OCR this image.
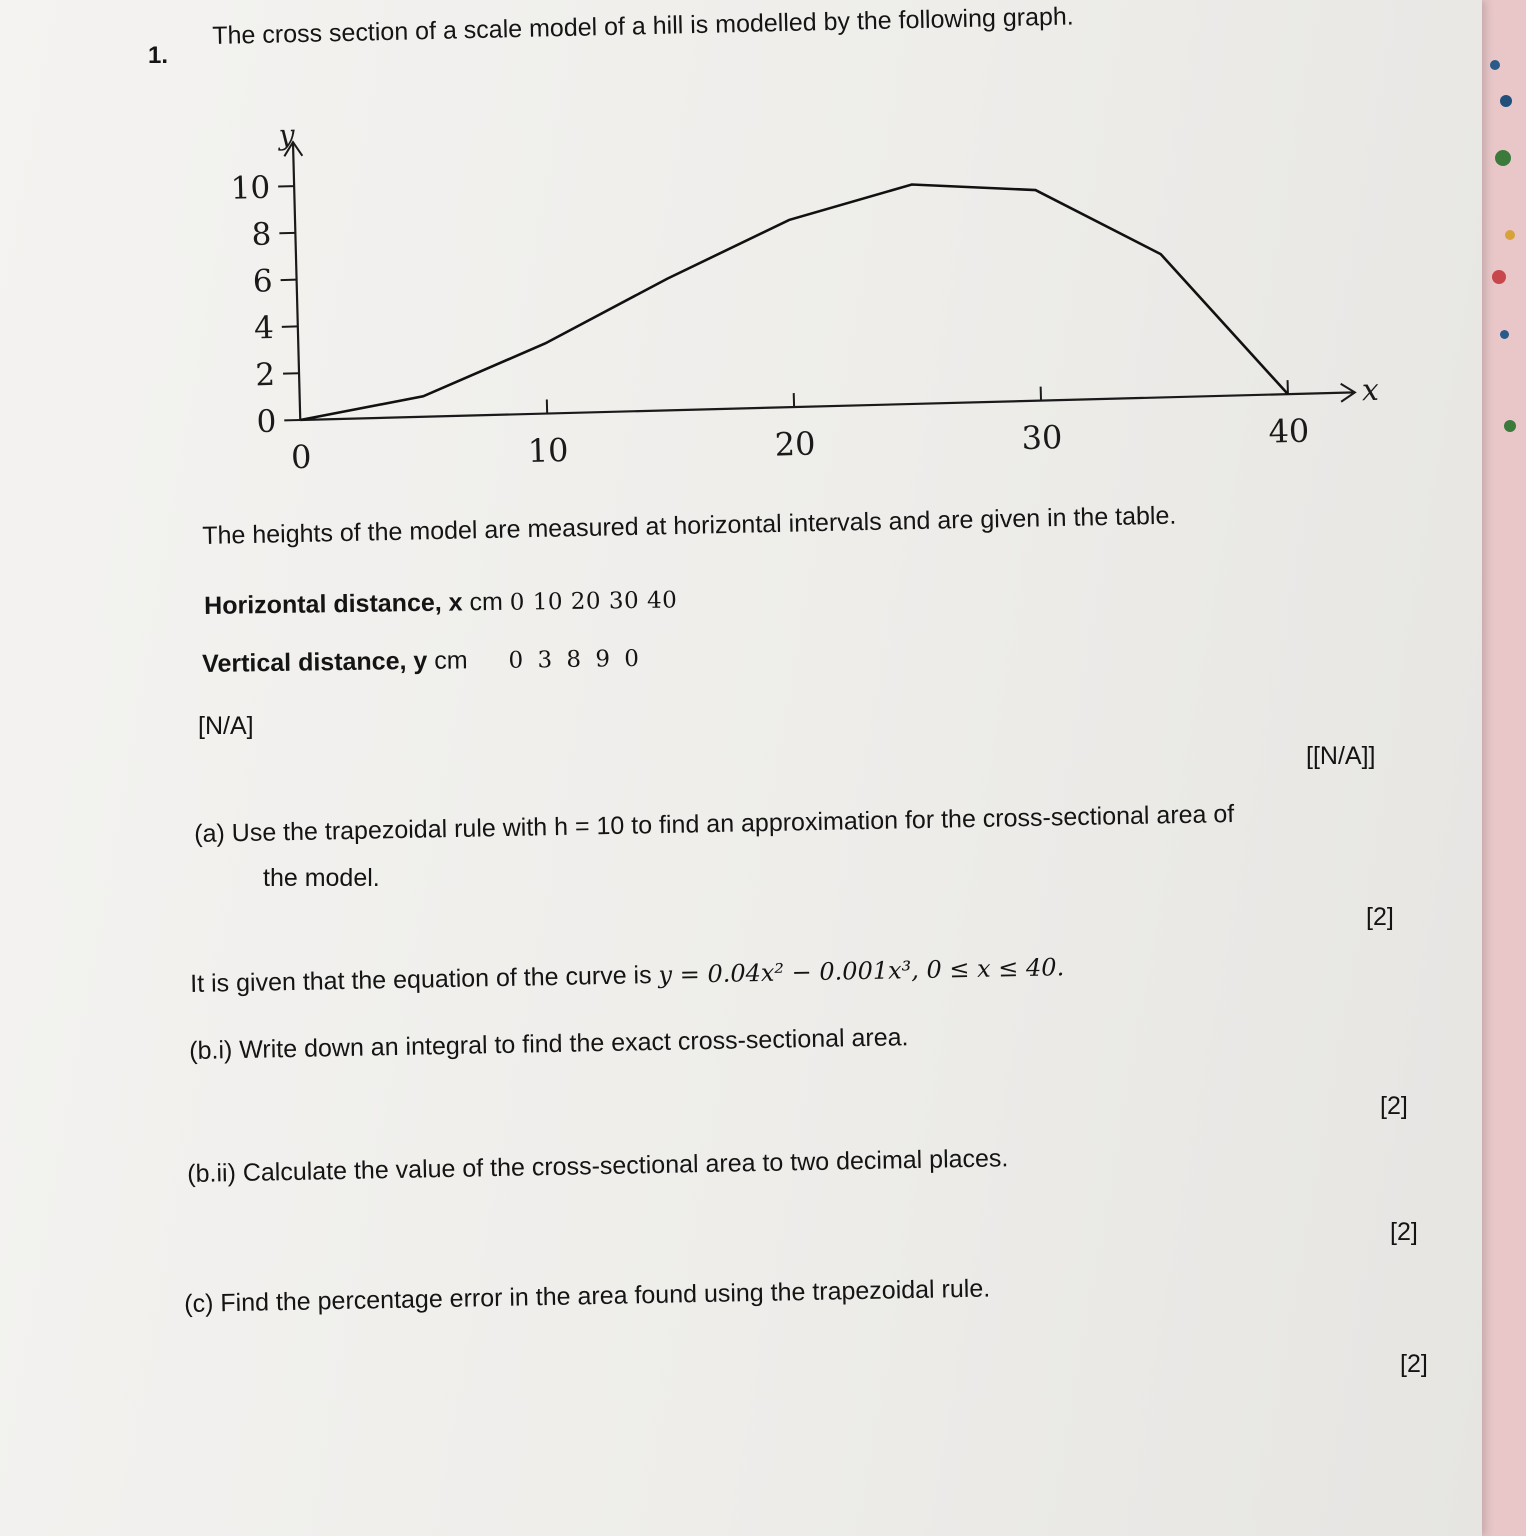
1.
The cross section of a scale model of a hill is modelled by the following graph.
y
x
0
2
4
6
8
10
0	10	20	30	40
The heights of the model are measured at horizontal intervals and are given in the table.
Horizontal distance, x cm 0 10 20 30 40
Vertical distance, y cm 0 3 8 9 0
[N/A]
[[N/A]]
(a) Use the trapezoidal rule with h = 10 to find an approximation for the cross-sectional area of
the model.
[2]
It is given that the equation of the curve is y = 0.04x² − 0.001x³, 0 ≤ x ≤ 40.
(b.i) Write down an integral to find the exact cross-sectional area.
[2]
(b.ii) Calculate the value of the cross-sectional area to two decimal places.
[2]
(c) Find the percentage error in the area found using the trapezoidal rule.
[2]
